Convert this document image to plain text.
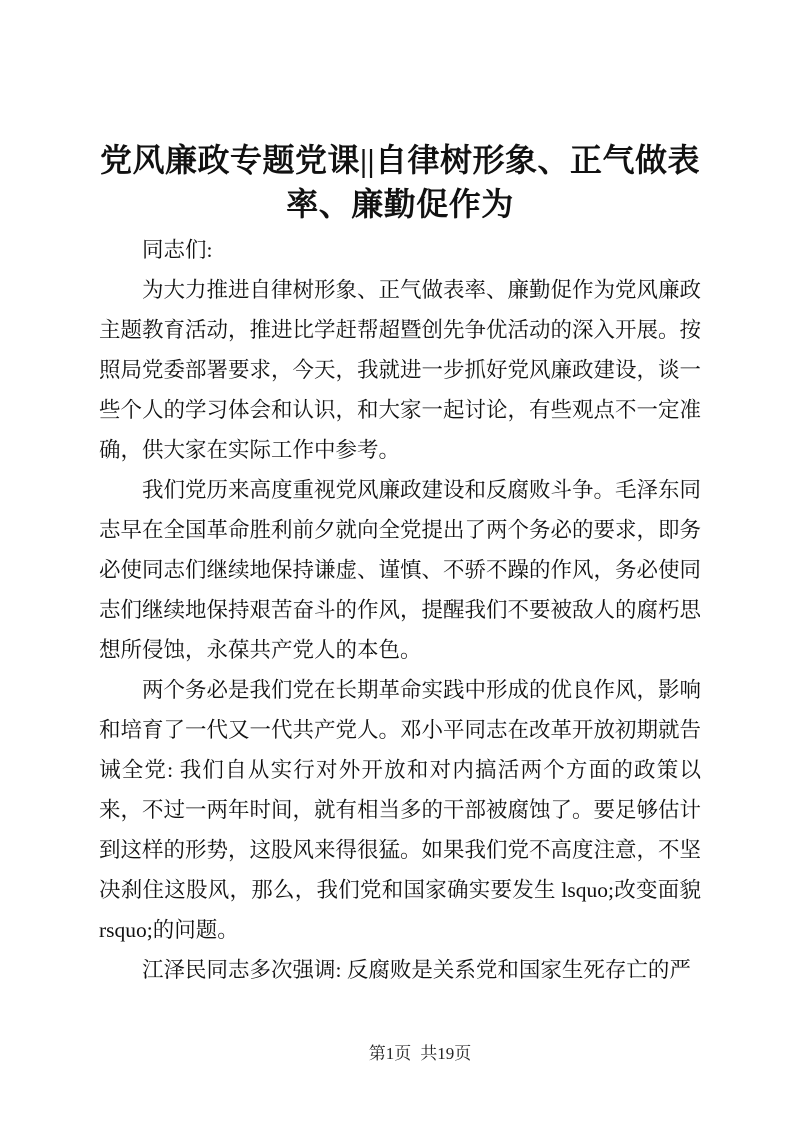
党风廉政专题党课||自律树形象、正气做表率、廉勤促作为

同志们:

为大力推进自律树形象、正气做表率、廉勤促作为党风廉政主题教育活动，推进比学赶帮超暨创先争优活动的深入开展。按照局党委部署要求，今天，我就进一步抓好党风廉政建设，谈一些个人的学习体会和认识，和大家一起讨论，有些观点不一定准确，供大家在实际工作中参考。

我们党历来高度重视党风廉政建设和反腐败斗争。毛泽东同志早在全国革命胜利前夕就向全党提出了两个务必的要求，即务必使同志们继续地保持谦虚、谨慎、不骄不躁的作风，务必使同志们继续地保持艰苦奋斗的作风，提醒我们不要被敌人的腐朽思想所侵蚀，永葆共产党人的本色。

两个务必是我们党在长期革命实践中形成的优良作风，影响和培育了一代又一代共产党人。邓小平同志在改革开放初期就告诫全党: 我们自从实行对外开放和对内搞活两个方面的政策以来，不过一两年时间，就有相当多的干部被腐蚀了。要足够估计到这样的形势，这股风来得很猛。如果我们党不高度注意，不坚决刹住这股风，那么，我们党和国家确实要发生 lsquo;改变面貌 rsquo;的问题。

江泽民同志多次强调: 反腐败是关系党和国家生死存亡的严

第1页 共19页
